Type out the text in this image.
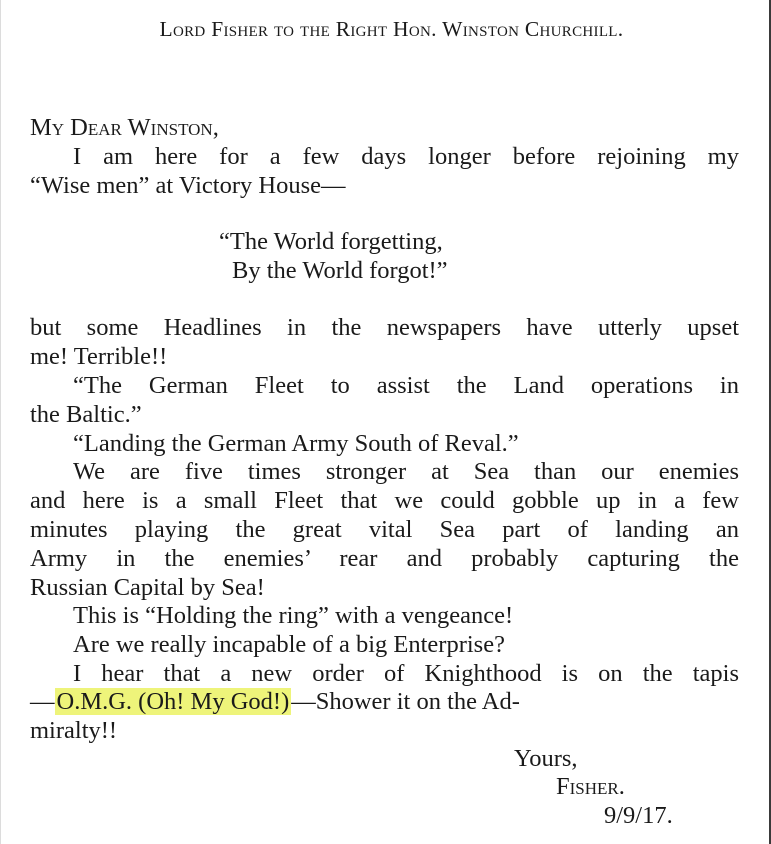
Lord Fisher to the Right Hon. Winston Churchill.
My Dear Winston,
I am here for a few days longer before rejoining my
“Wise men” at Victory House—
“The World forgetting,
By the World forgot!”
but some Headlines in the newspapers have utterly upset
me! Terrible!!
“The German Fleet to assist the Land operations in
the Baltic.”
“Landing the German Army South of Reval.”
We are five times stronger at Sea than our enemies
and here is a small Fleet that we could gobble up in a few
minutes playing the great vital Sea part of landing an
Army in the enemies’ rear and probably capturing the
Russian Capital by Sea!
This is “Holding the ring” with a vengeance!
Are we really incapable of a big Enterprise?
I hear that a new order of Knighthood is on the tapis
—O.M.G. (Oh! My God!)—Shower it on the Ad-
miralty!!
Yours,
Fisher.
9/9/17.
